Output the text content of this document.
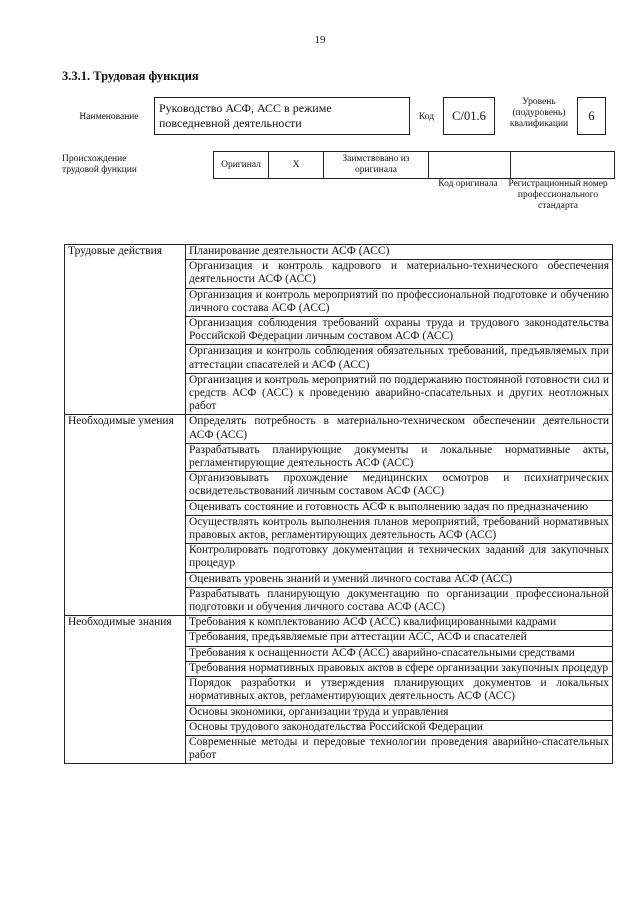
19
3.3.1. Трудовая функция
Наименование
Руководство АСФ, АСС в режиме повседневной деятельности	Код	С/01.6
Уровень (подуровень) квалификации
6
Происхождение трудовой функции
Оригинал	Х	Заимствовано из оригинала		
Код оригинала	Регистрационный номер профессионального стандарта
Трудовые действия	Планирование деятельности АСФ (АСС)
	Организация и контроль кадрового и материально-технического обеспечения деятельности АСФ (АСС)
	Организация и контроль мероприятий по профессиональной подготовке и обучению личного состава АСФ (АСС)
	Организация соблюдения требований охраны труда и трудового законодательства Российской Федерации личным составом АСФ (АСС)
	Организация и контроль соблюдения обязательных требований, предъявляемых при аттестации спасателей и АСФ (АСС)
	Организация и контроль мероприятий по поддержанию постоянной готовности сил и средств АСФ (АСС) к проведению аварийно-спасательных и других неотложных работ
Необходимые умения	Определять потребность в материально-техническом обеспечении деятельности АСФ (АСС)
	Разрабатывать планирующие документы и локальные нормативные акты, регламентирующие деятельность АСФ (АСС)
	Организовывать прохождение медицинских осмотров и психиатрических освидетельствований личным составом АСФ (АСС)
	Оценивать состояние и готовность АСФ к выполнению задач по предназначению
	Осуществлять контроль выполнения планов мероприятий, требований нормативных правовых актов, регламентирующих деятельность АСФ (АСС)
	Контролировать подготовку документации и технических заданий для закупочных процедур
	Оценивать уровень знаний и умений личного состава АСФ (АСС)
	Разрабатывать планирующую документацию по организации профессиональной подготовки и обучения личного состава АСФ (АСС)
Необходимые знания	Требования к комплектованию АСФ (АСС) квалифицированными кадрами
	Требования, предъявляемые при аттестации АСС, АСФ и спасателей
	Требования к оснащенности АСФ (АСС) аварийно-спасательными средствами
	Требования нормативных правовых актов в сфере организации закупочных процедур
	Порядок разработки и утверждения планирующих документов и локальных нормативных актов, регламентирующих деятельность АСФ (АСС)
	Основы экономики, организации труда и управления
	Основы трудового законодательства Российской Федерации
	Современные методы и передовые технологии проведения аварийно-спасательных работ
